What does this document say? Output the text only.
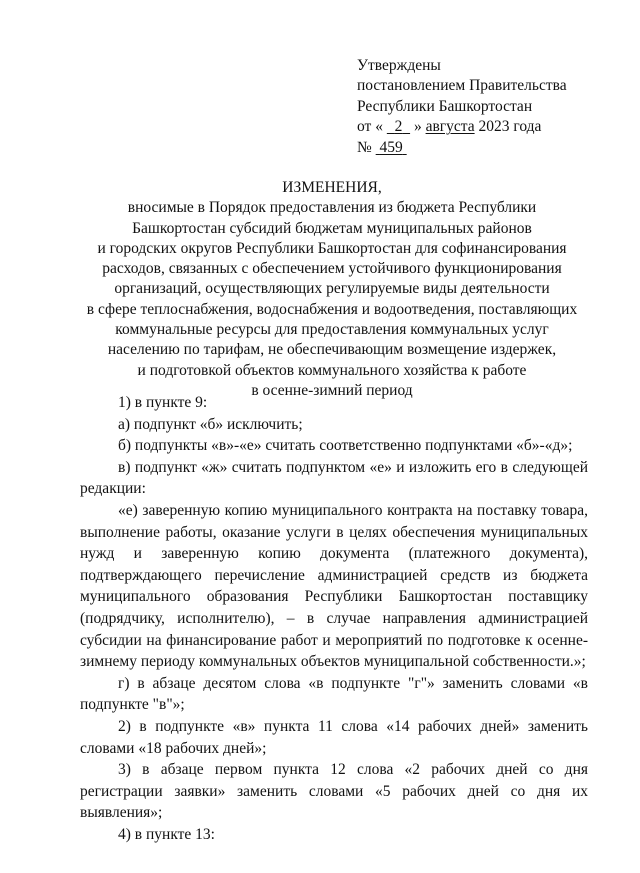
Утверждены
постановлением Правительства
Республики Башкортостан
от « 2 » августа 2023 года
№ 459
ИЗМЕНЕНИЯ,
вносимые в Порядок предоставления из бюджета Республики
Башкортостан субсидий бюджетам муниципальных районов
и городских округов Республики Башкортостан для софинансирования
расходов, связанных с обеспечением устойчивого функционирования
организаций, осуществляющих регулируемые виды деятельности
в сфере теплоснабжения, водоснабжения и водоотведения, поставляющих
коммунальные ресурсы для предоставления коммунальных услуг
населению по тарифам, не обеспечивающим возмещение издержек,
и подготовкой объектов коммунального хозяйства к работе
в осенне-зимний период

1) в пункте 9:

а) подпункт «б» исключить;

б) подпункты «в»-«е» считать соответственно подпунктами «б»-«д»;

в) подпункт «ж» считать подпунктом «е» и изложить его в следующей редакции:

«е) заверенную копию муниципального контракта на поставку товара, выполнение работы, оказание услуги в целях обеспечения муниципальных нужд и заверенную копию документа (платежного документа), подтверждающего перечисление администрацией средств из бюджета муниципального образования Республики Башкортостан поставщику (подрядчику, исполнителю), – в случае направления администрацией субсидии на финансирование работ и мероприятий по подготовке к осенне-зимнему периоду коммунальных объектов муниципальной собственности.»;

г) в абзаце десятом слова «в подпункте "г"» заменить словами «в подпункте "в"»;

2) в подпункте «в» пункта 11 слова «14 рабочих дней» заменить словами «18 рабочих дней»;

3) в абзаце первом пункта 12 слова «2 рабочих дней со дня регистрации заявки» заменить словами «5 рабочих дней со дня их выявления»;

4) в пункте 13:
